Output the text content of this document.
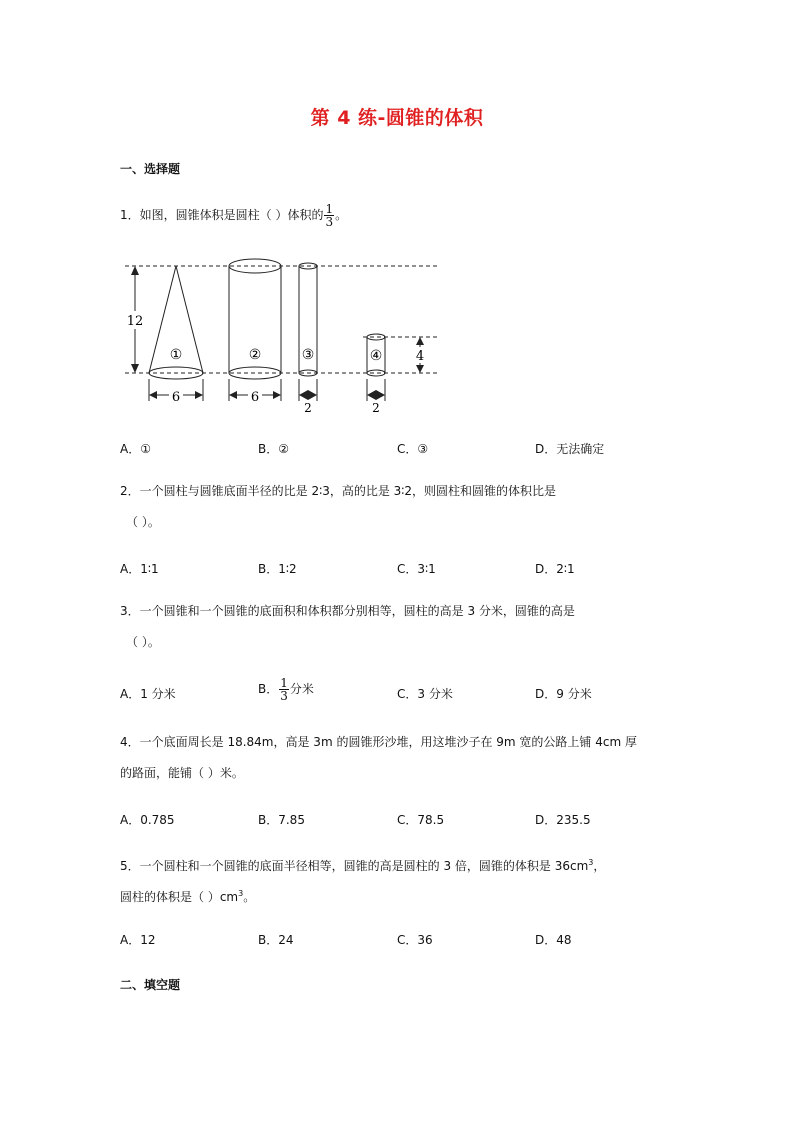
第 4 练-圆锥的体积
一、选择题
1．如图，圆锥体积是圆柱（ ）体积的 $\frac{1}{3}$ 。
12
①
6
②
6
③
2
④
2
4
A．①	B．②	C．③	D．无法确定
2．一个圆柱与圆锥底面半径的比是 2∶3，高的比是 3∶2，则圆柱和圆锥的体积比是
（ ）。
A．1∶1	B．1∶2	C．3∶1	D．2∶1
3．一个圆锥和一个圆锥的底面积和体积都分别相等，圆柱的高是 3 分米，圆锥的高是
（ ）。
A．1 分米	B． $\frac{1}{3}$ 分米	C．3 分米	D．9 分米
4．一个底面周长是 18.84m，高是 3m 的圆锥形沙堆，用这堆沙子在 9m 宽的公路上铺 4cm 厚
的路面，能铺（ ）米。
A．0.785	B．7.85	C．78.5	D．235.5
5．一个圆柱和一个圆锥的底面半径相等，圆锥的高是圆柱的 3 倍，圆锥的体积是 $36cm^3$，
圆柱的体积是（ ）$cm^3$。
A．12	B．24	C．36	D．48
二、填空题
